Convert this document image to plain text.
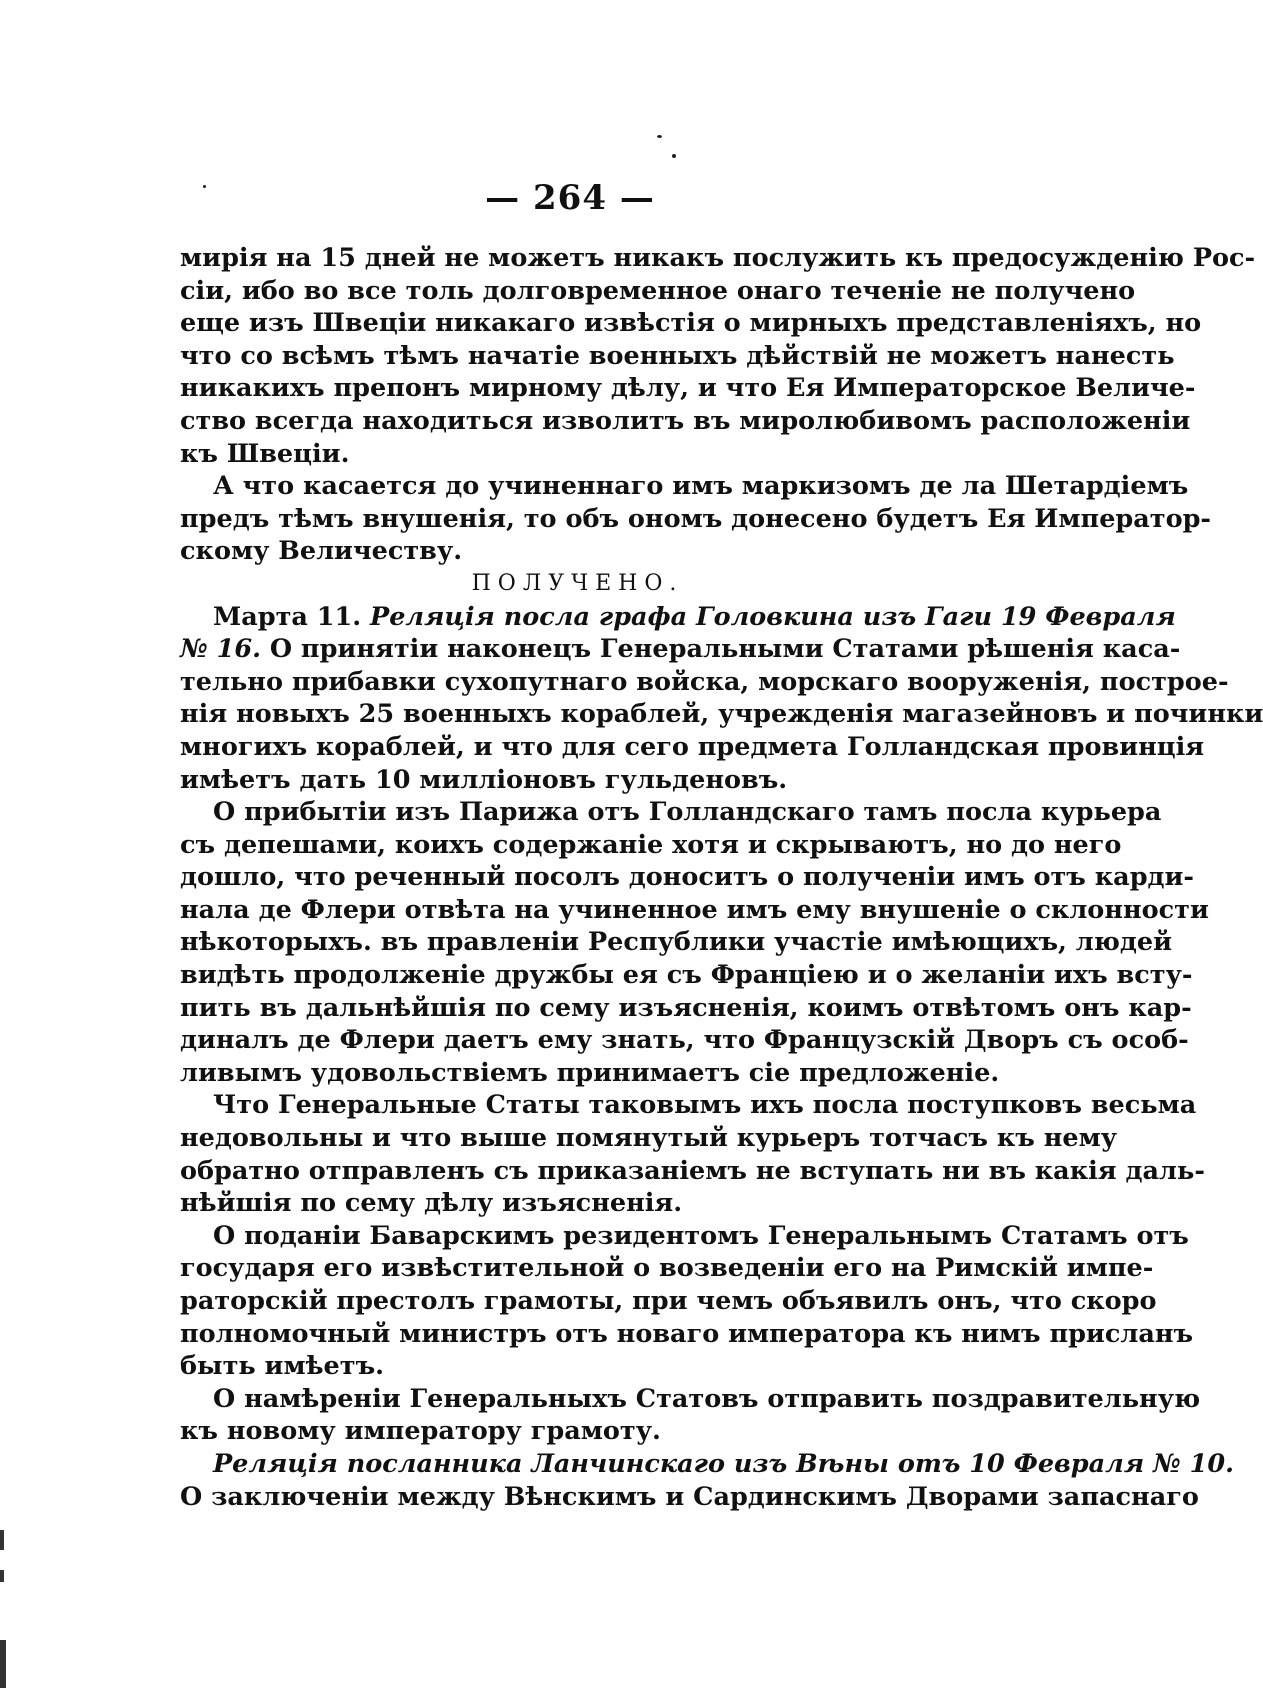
— 264 —
мирія на 15 дней не можетъ никакъ послужить къ предосужденію Рос-
сіи, ибо во все толь долговременное онаго теченіе не получено
еще изъ Швеціи никакаго извѣстія о мирныхъ представленіяхъ, но
что со всѣмъ тѣмъ начатіе военныхъ дѣйствій не можетъ нанесть
никакихъ препонъ мирному дѣлу, и что Ея Императорское Величе-
ство всегда находиться изволитъ въ миролюбивомъ расположеніи
къ Швеціи.
А что касается до учиненнаго имъ маркизомъ де ла Шетардіемъ
предъ тѣмъ внушенія, то объ ономъ донесено будетъ Ея Император-
скому Величеству.
ПОЛУЧЕНО.
Марта 11. Реляція посла графа Головкина изъ Гаги 19 Февраля
№ 16. О принятіи наконецъ Генеральными Статами рѣшенія каса-
тельно прибавки сухопутнаго войска, морскаго вооруженія, построе-
нія новыхъ 25 военныхъ кораблей, учрежденія магазейновъ и починки
многихъ кораблей, и что для сего предмета Голландская провинція
имѣетъ дать 10 милліоновъ гульденовъ.
О прибытіи изъ Парижа отъ Голландскаго тамъ посла курьера
съ депешами, коихъ содержаніе хотя и скрываютъ, но до него
дошло, что реченный посолъ доноситъ о полученіи имъ отъ карди-
нала де Флери отвѣта на учиненное имъ ему внушеніе о склонности
нѣкоторыхъ. въ правленіи Республики участіе имѣющихъ, людей
видѣть продолженіе дружбы ея съ Франціею и о желаніи ихъ всту-
пить въ дальнѣйшія по сему изъясненія, коимъ отвѣтомъ онъ кар-
диналъ де Флери даетъ ему знать, что Французскій Дворъ съ особ-
ливымъ удовольствіемъ принимаетъ сіе предложеніе.
Что Генеральные Статы таковымъ ихъ посла поступковъ весьма
недовольны и что выше помянутый курьеръ тотчасъ къ нему
обратно отправленъ съ приказаніемъ не вступать ни въ какія даль-
нѣйшія по сему дѣлу изъясненія.
О поданіи Баварскимъ резидентомъ Генеральнымъ Статамъ отъ
государя его извѣстительной о возведеніи его на Римскій импе-
раторскій престолъ грамоты, при чемъ объявилъ онъ, что скоро
полномочный министръ отъ новаго императора къ нимъ присланъ
быть имѣетъ.
О намѣреніи Генеральныхъ Статовъ отправить поздравительную
къ новому императору грамоту.
Реляція посланника Ланчинскаго изъ Вѣны отъ 10 Февраля № 10.
О заключеніи между Вѣнскимъ и Сардинскимъ Дворами запаснаго
